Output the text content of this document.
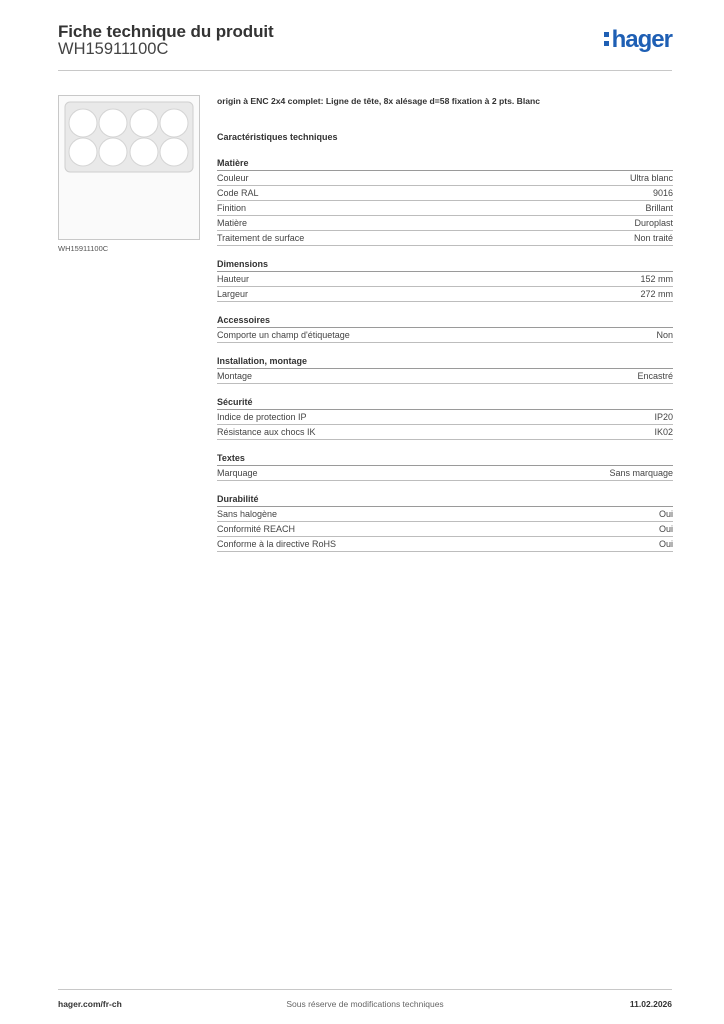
Fiche technique du produit
WH15911100C	hager
WH15911100C
origin à ENC 2x4 complet: Ligne de tête, 8x alésage d=58 fixation à 2 pts. Blanc
Caractéristiques techniques
Matière
Couleur	Ultra blanc
Code RAL	9016
Finition	Brillant
Matière	Duroplast
Traitement de surface	Non traité
Dimensions
Hauteur	152 mm
Largeur	272 mm
Accessoires
Comporte un champ d'étiquetage	Non
Installation, montage
Montage	Encastré
Sécurité
Indice de protection IP	IP20
Résistance aux chocs IK	IK02
Textes
Marquage	Sans marquage
Durabilité
Sans halogène	Oui
Conformité REACH	Oui
Conforme à la directive RoHS	Oui
hager.com/fr-ch	Sous réserve de modifications techniques	11.02.2026
